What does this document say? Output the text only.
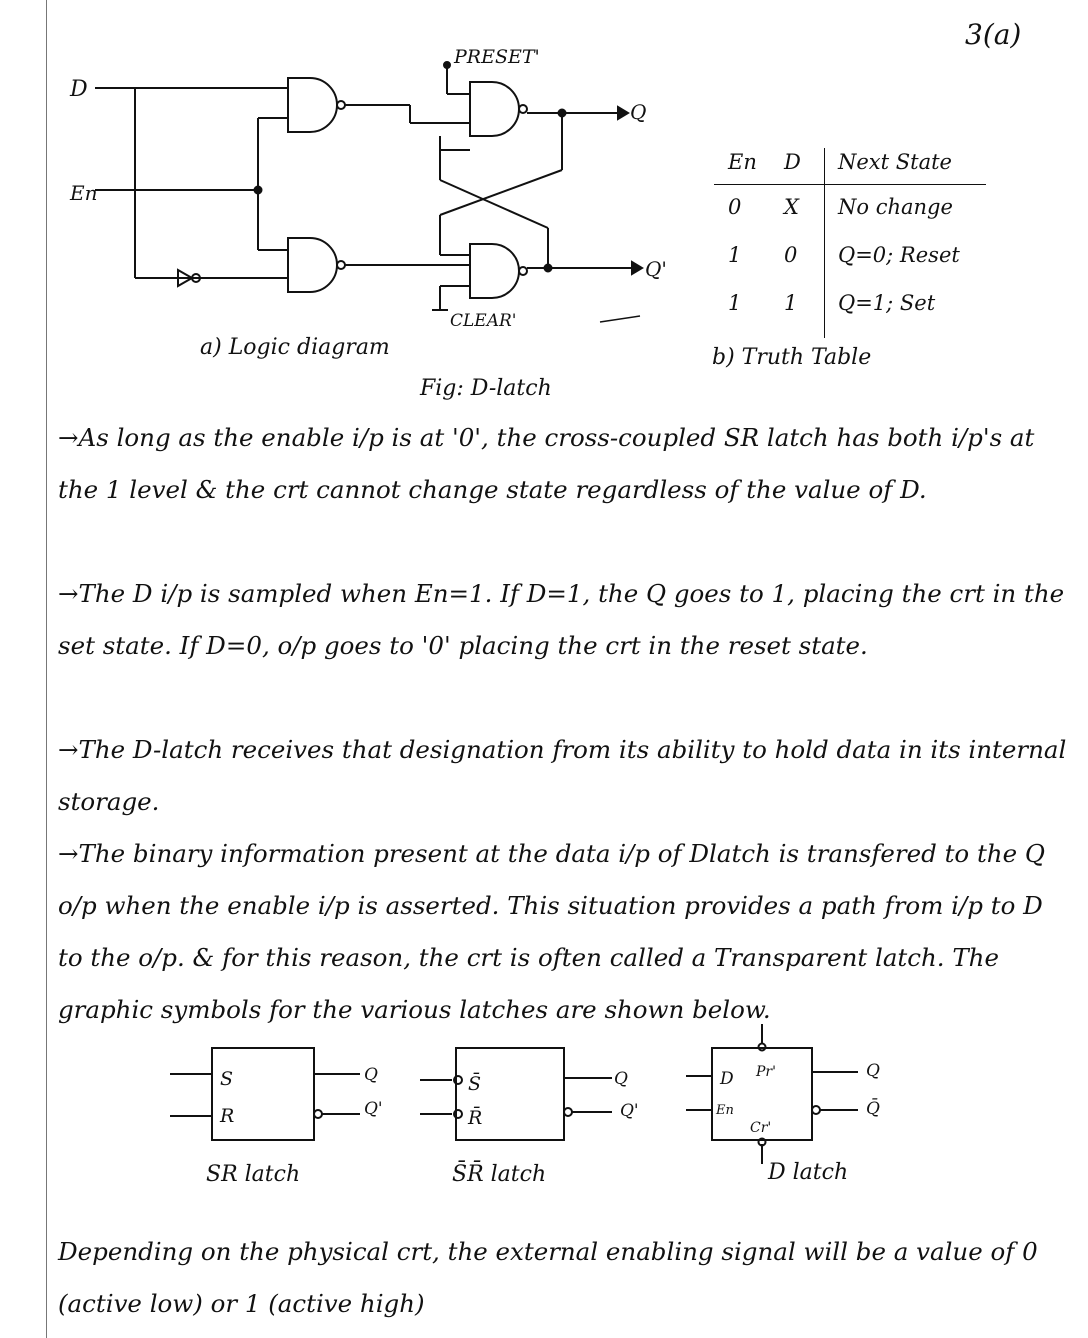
3(a)
D
En
PRESET'
CLEAR'
Q
Q'
S
R
Q
Q'
S̄
R̄
Q
Q'
D
En
Pr'
Cr'
Q
Q̄
En D Next State
0 X No change
1 0 Q=0; Reset
1 1 Q=1; Set
a) Logic diagram	b) Truth Table
Fig: D-latch
→As long as the enable i/p is at '0', the cross-coupled SR latch has both i/p's at the 1 level & the crt cannot change state regardless of the value of D.
→The D i/p is sampled when En=1. If D=1, the Q goes to 1, placing the crt in the set state. If D=0, o/p goes to '0' placing the crt in the reset state.
→The D-latch receives that designation from its ability to hold data in its internal storage.
→The binary information present at the data i/p of Dlatch is transfered to the Q o/p when the enable i/p is asserted. This situation provides a path from i/p to D to the o/p. & for this reason, the crt is often called a Transparent latch. The graphic symbols for the various latches are shown below.
SR latch	S̄R̄ latch	D latch
Depending on the physical crt, the external enabling signal will be a value of 0 (active low) or 1 (active high)
